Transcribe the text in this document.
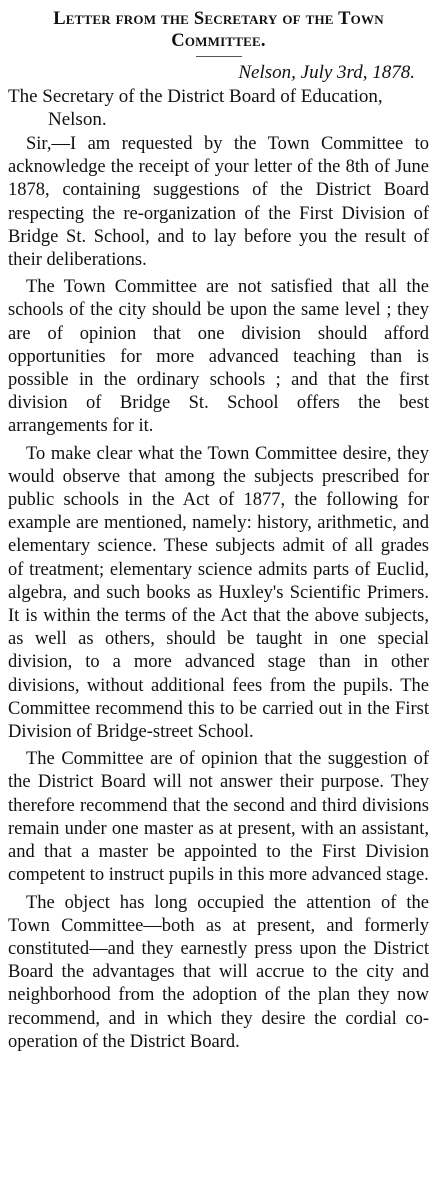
Letter from the Secretary of the Town
Committee.

Nelson, July 3rd, 1878.

The Secretary of the District Board of Education, Nelson.

Sir,—I am requested by the Town Committee to acknowledge the receipt of your letter of the 8th of June 1878, containing suggestions of the District Board respecting the re-organization of the First Division of Bridge St. School, and to lay before you the result of their deliberations.

The Town Committee are not satisfied that all the schools of the city should be upon the same level ; they are of opinion that one division should afford opportunities for more advanced teaching than is possible in the ordinary schools ; and that the first division of Bridge St. School offers the best arrangements for it.

To make clear what the Town Committee desire, they would observe that among the subjects prescribed for public schools in the Act of 1877, the following for example are mentioned, namely: history, arithmetic, and elementary science. These subjects admit of all grades of treatment; elementary science admits parts of Euclid, algebra, and such books as Huxley's Scientific Primers. It is within the terms of the Act that the above subjects, as well as others, should be taught in one special division, to a more advanced stage than in other divisions, without additional fees from the pupils. The Committee recommend this to be carried out in the First Division of Bridge-street School.

The Committee are of opinion that the suggestion of the District Board will not answer their purpose. They therefore recommend that the second and third divisions remain under one master as at present, with an assistant, and that a master be appointed to the First Division competent to instruct pupils in this more advanced stage.

The object has long occupied the attention of the Town Committee—both as at present, and formerly constituted—and they earnestly press upon the District Board the advantages that will accrue to the city and neighborhood from the adoption of the plan they now recommend, and in which they desire the cordial co-operation of the District Board.
